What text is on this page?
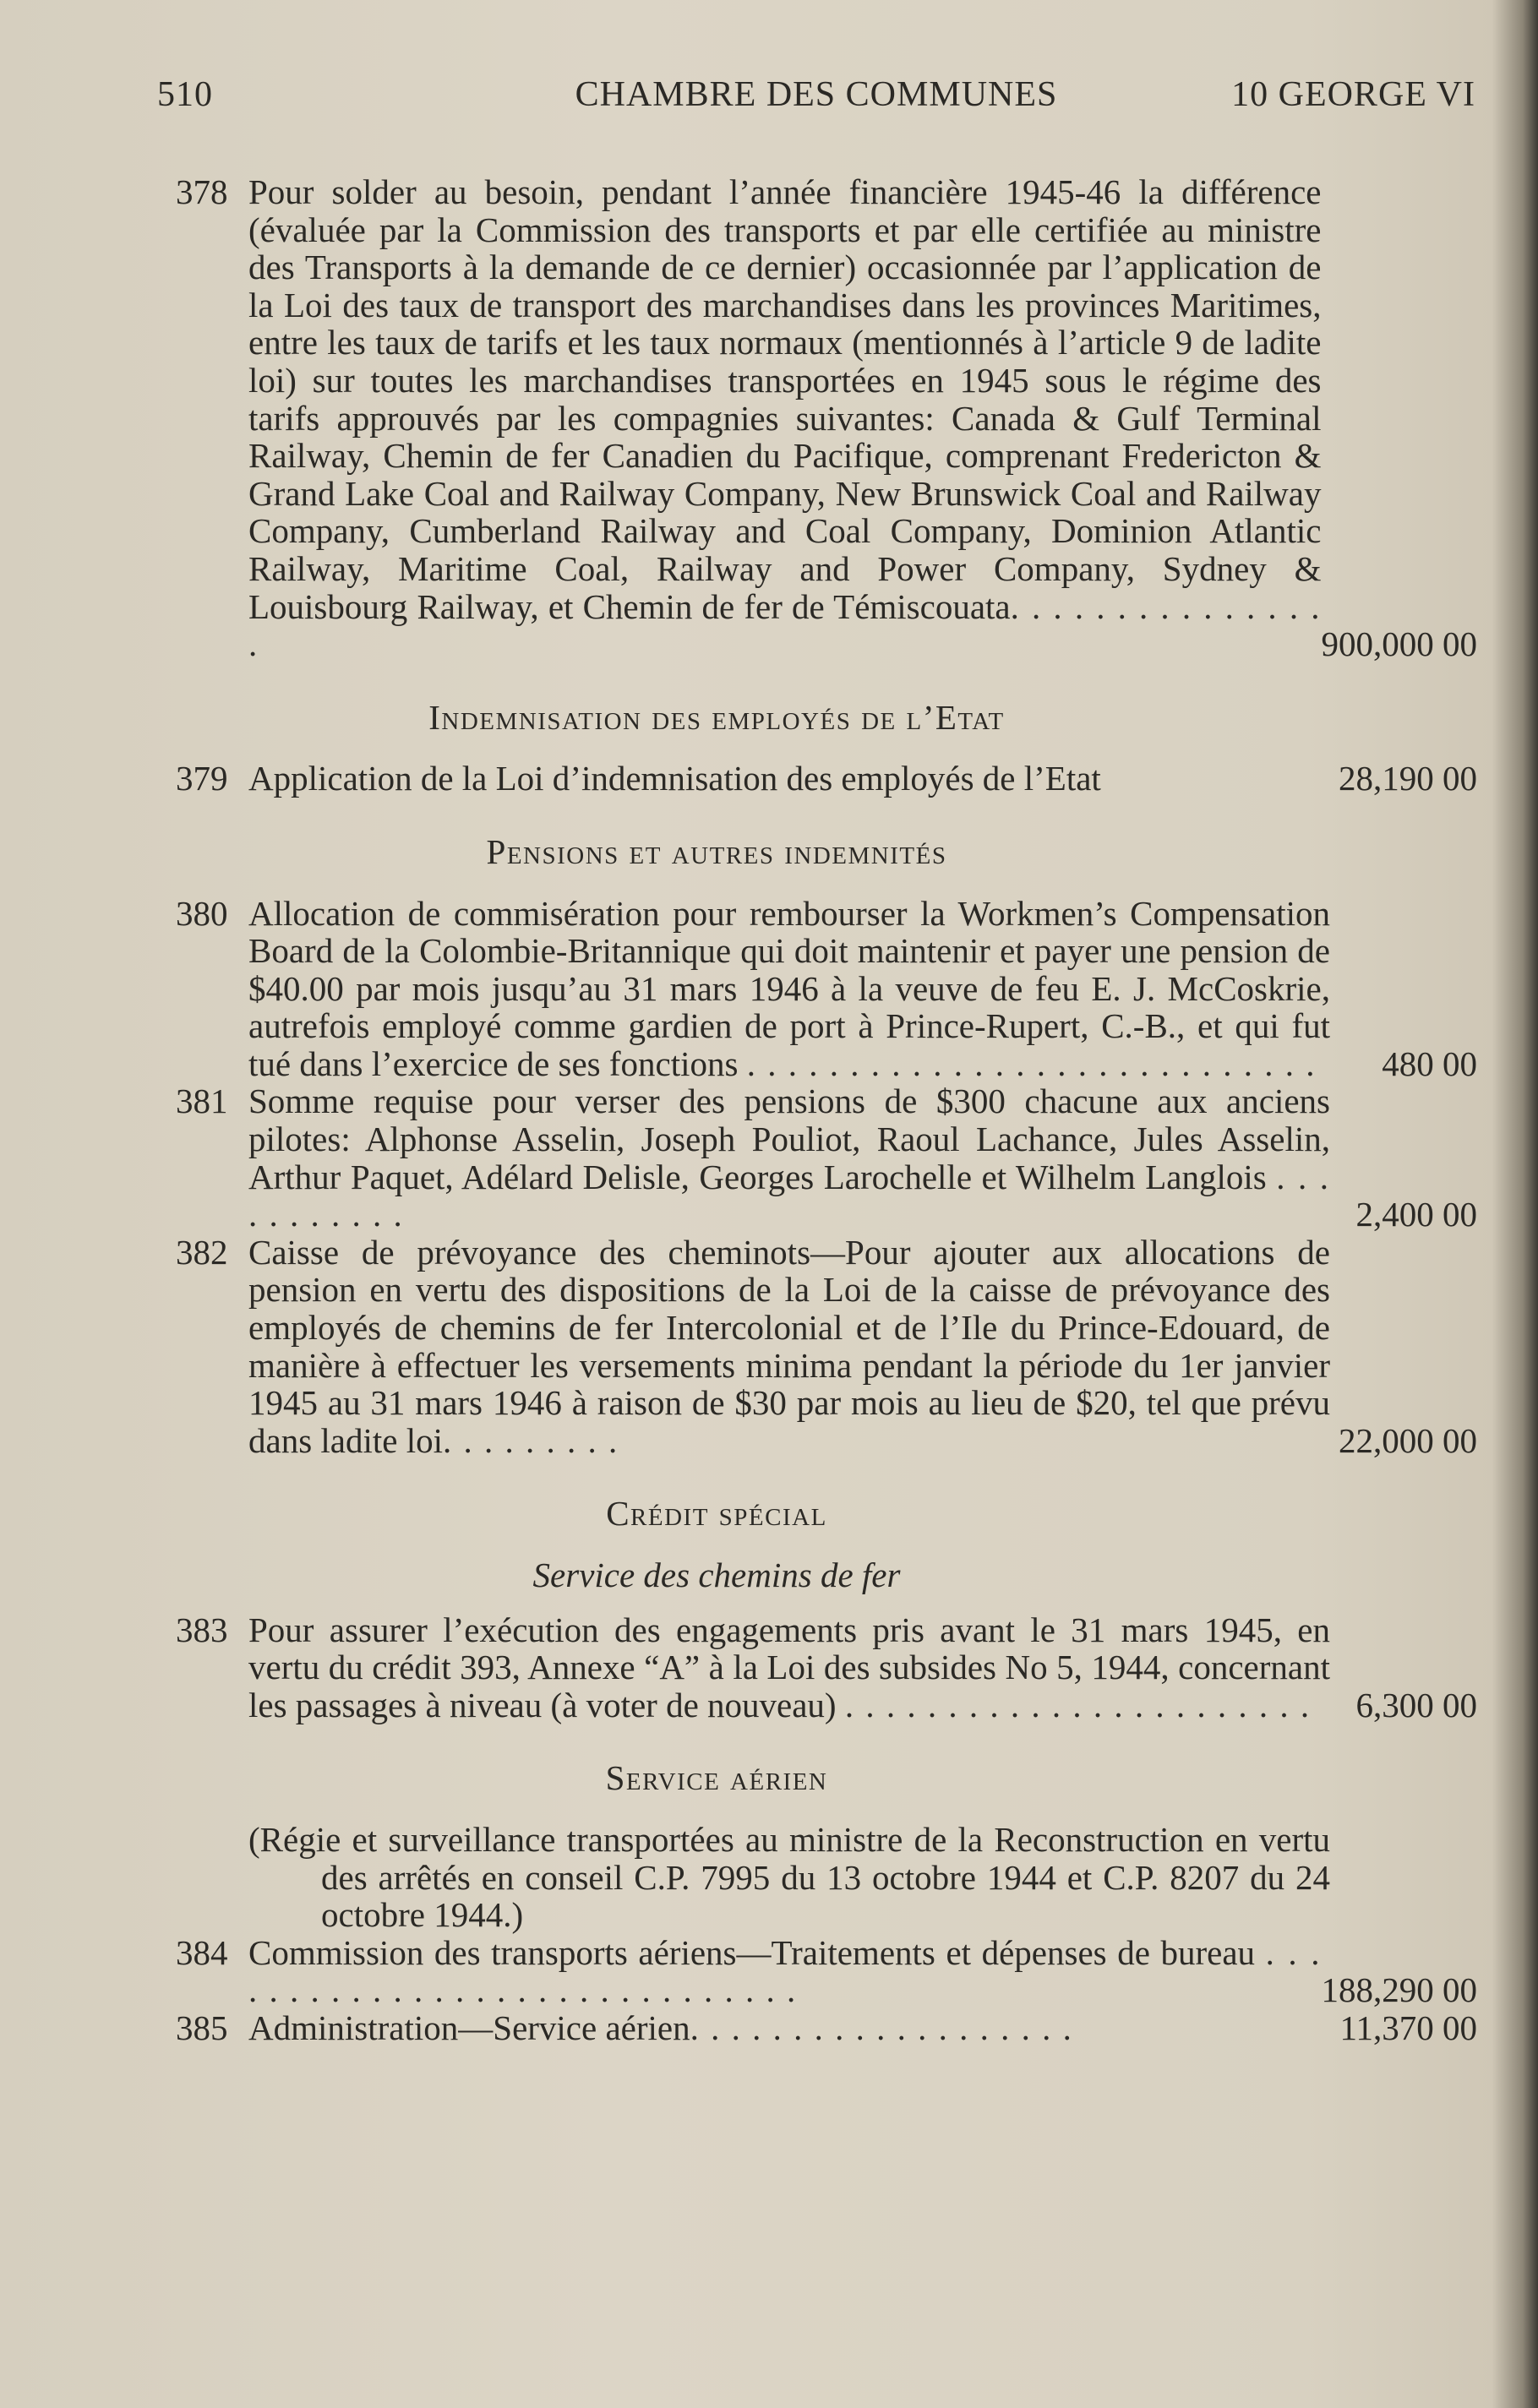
510	CHAMBRE DES COMMUNES	10 GEORGE VI
378 Pour solder au besoin, pendant l’année financière 1945-46 la différence (évaluée par la Commission des transports et par elle certifiée au ministre des Transports à la demande de ce dernier) occasionnée par l’application de la Loi des taux de transport des marchandises dans les provinces Maritimes, entre les taux de tarifs et les taux normaux (mentionnés à l’article 9 de ladite loi) sur toutes les marchandises transportées en 1945 sous le régime des tarifs approuvés par les compagnies suivantes: Canada & Gulf Terminal Railway, Chemin de fer Canadien du Pacifique, comprenant Fredericton & Grand Lake Coal and Railway Company, New Brunswick Coal and Railway Company, Cumberland Railway and Coal Company, Dominion Atlantic Railway, Maritime Coal, Railway and Power Company, Sydney & Louisbourg Railway, et Chemin de fer de Témiscouata. . . . . . . . . . . . . . . .	900,000 00
Indemnisation des employés de l’Etat
379 Application de la Loi d’indemnisation des employés de l’Etat	28,190 00
Pensions et autres indemnités
380 Allocation de commisération pour rembourser la Workmen’s Compensation Board de la Colombie-Britannique qui doit maintenir et payer une pension de $40.00 par mois jusqu’au 31 mars 1946 à la veuve de feu E. J. McCoskrie, autrefois employé comme gardien de port à Prince-Rupert, C.-B., et qui fut tué dans l’exercice de ses fonctions . . . . . . . . . . . . . . . . . . . . . . . . . . . .	480 00
381 Somme requise pour verser des pensions de $300 chacune aux anciens pilotes: Alphonse Asselin, Joseph Pouliot, Raoul Lachance, Jules Asselin, Arthur Paquet, Adélard Delisle, Georges Larochelle et Wilhelm Langlois . . . . . . . . . . .	2,400 00
382 Caisse de prévoyance des cheminots—Pour ajouter aux allocations de pension en vertu des dispositions de la Loi de la caisse de prévoyance des employés de chemins de fer Intercolonial et de l’Ile du Prince-Edouard, de manière à effectuer les versements minima pendant la période du 1er janvier 1945 au 31 mars 1946 à raison de $30 par mois au lieu de $20, tel que prévu dans ladite loi. . . . . . . . .	22,000 00
Crédit spécial
Service des chemins de fer
383 Pour assurer l’exécution des engagements pris avant le 31 mars 1945, en vertu du crédit 393, Annexe “A” à la Loi des subsides No 5, 1944, concernant les passages à niveau (à voter de nouveau) . . . . . . . . . . . . . . . . . . . . . . .	6,300 00
Service aérien
(Régie et surveillance transportées au ministre de la Reconstruction en vertu des arrêtés en conseil C.P. 7995 du 13 octobre 1944 et C.P. 8207 du 24 octobre 1944.)
384 Commission des transports aériens—Traitements et dépenses de bureau . . . . . . . . . . . . . . . . . . . . . . . . . . . . . .	188,290 00
385 Administration—Service aérien. . . . . . . . . . . . . . . . . . .	11,370 00
